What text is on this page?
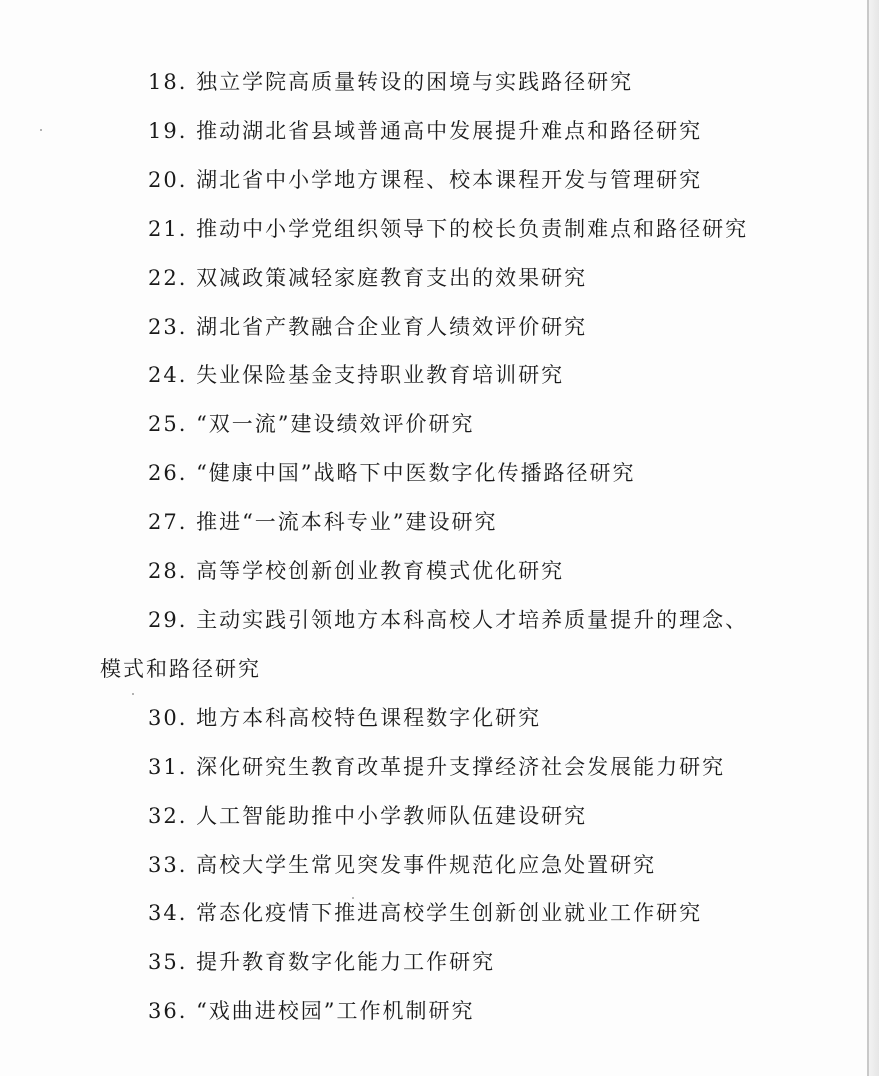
18. 独立学院高质量转设的困境与实践路径研究
19. 推动湖北省县域普通高中发展提升难点和路径研究
20. 湖北省中小学地方课程、校本课程开发与管理研究
21. 推动中小学党组织领导下的校长负责制难点和路径研究
22. 双减政策减轻家庭教育支出的效果研究
23. 湖北省产教融合企业育人绩效评价研究
24. 失业保险基金支持职业教育培训研究
25. “双一流”建设绩效评价研究
26. “健康中国”战略下中医数字化传播路径研究
27. 推进“一流本科专业”建设研究
28. 高等学校创新创业教育模式优化研究
29. 主动实践引领地方本科高校人才培养质量提升的理念、
模式和路径研究
30. 地方本科高校特色课程数字化研究
31. 深化研究生教育改革提升支撑经济社会发展能力研究
32. 人工智能助推中小学教师队伍建设研究
33. 高校大学生常见突发事件规范化应急处置研究
34. 常态化疫情下推进高校学生创新创业就业工作研究
35. 提升教育数字化能力工作研究
36. “戏曲进校园”工作机制研究
